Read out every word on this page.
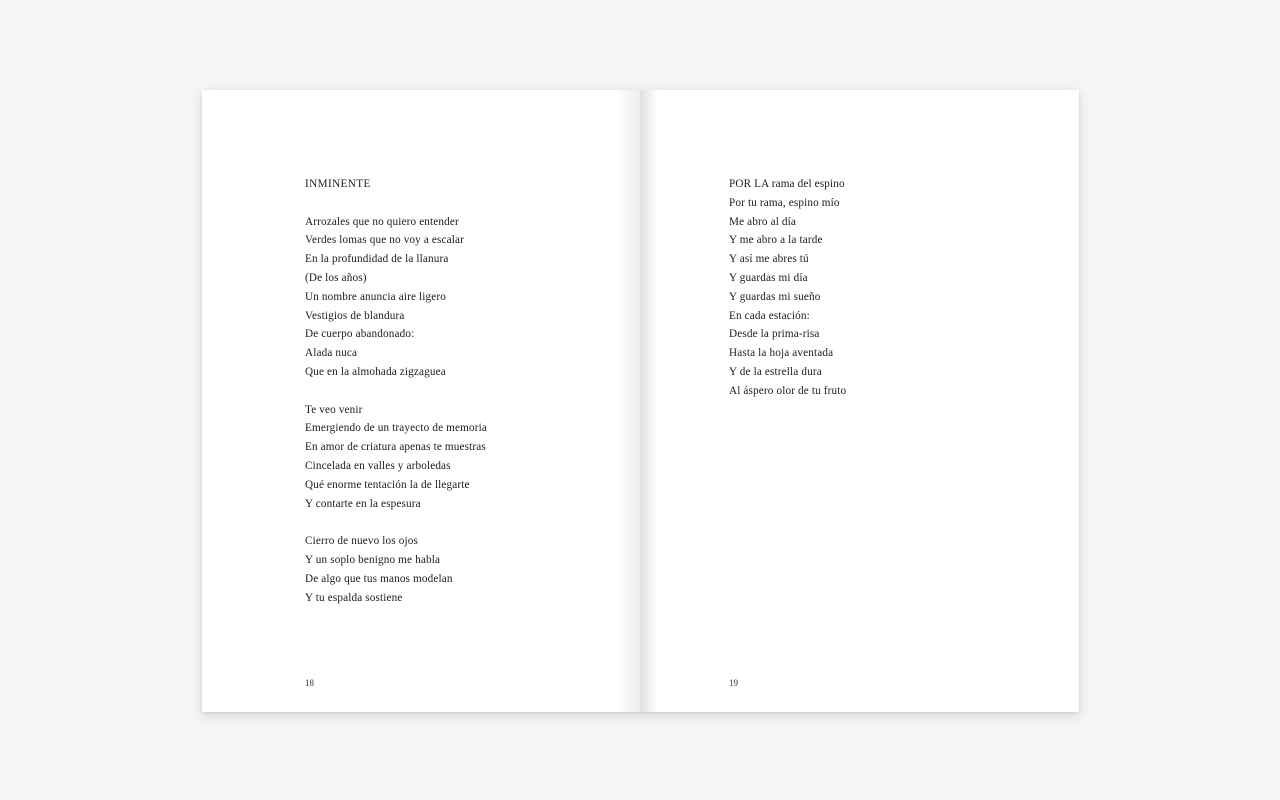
INMINENTE
Arrozales que no quiero entender
Verdes lomas que no voy a escalar
En la profundidad de la llanura
(De los años)
Un nombre anuncia aire ligero
Vestigios de blandura
De cuerpo abandonado:
Alada nuca
Que en la almohada zigzaguea
Te veo venir
Emergiendo de un trayecto de memoria
En amor de criatura apenas te muestras
Cincelada en valles y arboledas
Qué enorme tentación la de llegarte
Y contarte en la espesura
Cierro de nuevo los ojos
Y un soplo benigno me habla
De algo que tus manos modelan
Y tu espalda sostiene
18
POR LA rama del espino
Por tu rama, espino mío
Me abro al día
Y me abro a la tarde
Y así me abres tú
Y guardas mi día
Y guardas mi sueño
En cada estación:
Desde la prima-risa
Hasta la hoja aventada
Y de la estrella dura
Al áspero olor de tu fruto
19
